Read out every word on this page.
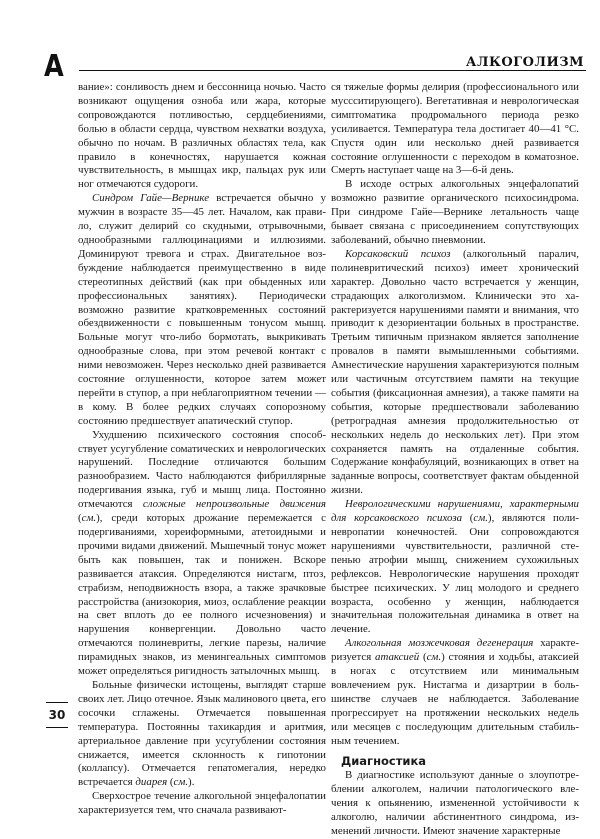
А	АЛКОГОЛИЗМ

вание»: сонливость днем и бессонница ночью. Часто возникают ощущения озноба или жара, которые сопровождаются потливостью, сердцебиениями, болью в области сердца, чувством нехватки воздуха, обычно по ночам. В различных областях тела, как правило в конечностях, нарушается кожная чувствительность, в мышцах икр, пальцах рук или ног отмечаются судороги.

Синдром Гайе—Вернике встречается обычно у мужчин в возрасте 35—45 лет. Началом, как правило, служит делирий со скудными, отрывочными, однообразными галлюцинациями и иллюзиями. Доминируют тревога и страх. Двигательное возбуждение наблюдается преимущественно в виде стереотипных действий (как при обыденных или профессиональных занятиях). Периодически возможно развитие кратковременных состояний обездвиженности с повышенным тонусом мышц. Больные могут что-либо бормотать, выкрикивать однообразные слова, при этом речевой контакт с ними невозможен. Через несколько дней развивается состояние оглушенности, которое затем может перейти в ступор, а при неблагоприятном течении — в кому. В более редких случаях сопорозному состоянию предшествует апатический ступор.

Ухудшению психического состояния способствует усугубление соматических и неврологических нарушений. Последние отличаются большим разнообразием. Часто наблюдаются фибриллярные подергивания языка, губ и мышц лица. Постоянно отмечаются сложные непроизвольные движения (см.), среди которых дрожание перемежается с подергиваниями, хореиформными, атетоидными и прочими видами движений. Мышечный тонус может быть как повышен, так и понижен. Вскоре развивается атаксия. Определяются нистагм, птоз, страбизм, неподвижность взора, а также зрачковые расстройства (анизокория, миоз, ослабление реакции на свет вплоть до ее полного исчезновения) и нарушения конвергенции. Довольно часто отмечаются полиневриты, легкие парезы, наличие пирамидных знаков, из менингеальных симптомов может определяться ригидность затылочных мышц.

Больные физически истощены, выглядят старше своих лет. Лицо отечное. Язык малинового цвета, его сосочки сглажены. Отмечается повышенная температура. Постоянны тахикардия и аритмия, артериальное давление при усугублении состояния снижается, имеется склонность к гипотонии (коллапсу). Отмечается гепатомегалия, нередко встречается диарея (см.).

Сверхострое течение алкогольной энцефалопатии характеризуется тем, что сначала развивают-

ся тяжелые формы делирия (профессионального или муссситирующего). Вегетативная и неврологическая симптоматика продромального периода резко усиливается. Температура тела достигает 40—41 °С. Спустя один или несколько дней развивается состояние оглушенности с переходом в коматозное. Смерть наступает чаще на 3—6-й день.

В исходе острых алкогольных энцефалопатий возможно развитие органического психосиндрома. При синдроме Гайе—Вернике летальность чаще бывает связана с присоединением сопутствующих заболеваний, обычно пневмонии.

Корсаковский психоз (алкогольный паралич, полиневритический психоз) имеет хронический характер. Довольно часто встречается у женщин, страдающих алкоголизмом. Клинически это характеризуется нарушениями памяти и внимания, что приводит к дезориентации больных в пространстве. Третьим типичным признаком является заполнение провалов в памяти вымышленными событиями. Амнестические нарушения характеризуются полным или частичным отсутствием памяти на текущие события (фиксационная амнезия), а также памяти на события, которые предшествовали заболеванию (ретроградная амнезия продолжительностью от нескольких недель до нескольких лет). При этом сохраняется память на отдаленные события. Содержание конфабуляций, возникающих в ответ на заданные вопросы, соответствует фактам обыденной жизни.

Неврологическими нарушениями, характерными для корсаковского психоза (см.), являются полиневропатии конечностей. Они сопровождаются нарушениями чувствительности, различной степенью атрофии мышц, снижением сухожильных рефлексов. Неврологические нарушения проходят быстрее психических. У лиц молодого и среднего возраста, особенно у женщин, наблюдается значительная положительная динамика в ответ на лечение.

Алкогольная мозжечковая дегенерация характеризуется атаксией (см.) стояния и ходьбы, атаксией в ногах с отсутствием или минимальным вовлечением рук. Нистагма и дизартрии в большинстве случаев не наблюдается. Заболевание прогрессирует на протяжении нескольких недель или месяцев с последующим длительным стабильным течением.

Диагностика

В диагностике используют данные о злоупотреблении алкоголем, наличии патологического влечения к опьянению, измененной устойчивости к алкоголю, наличии абстинентного синдрома, изменений личности. Имеют значение характерные

30
